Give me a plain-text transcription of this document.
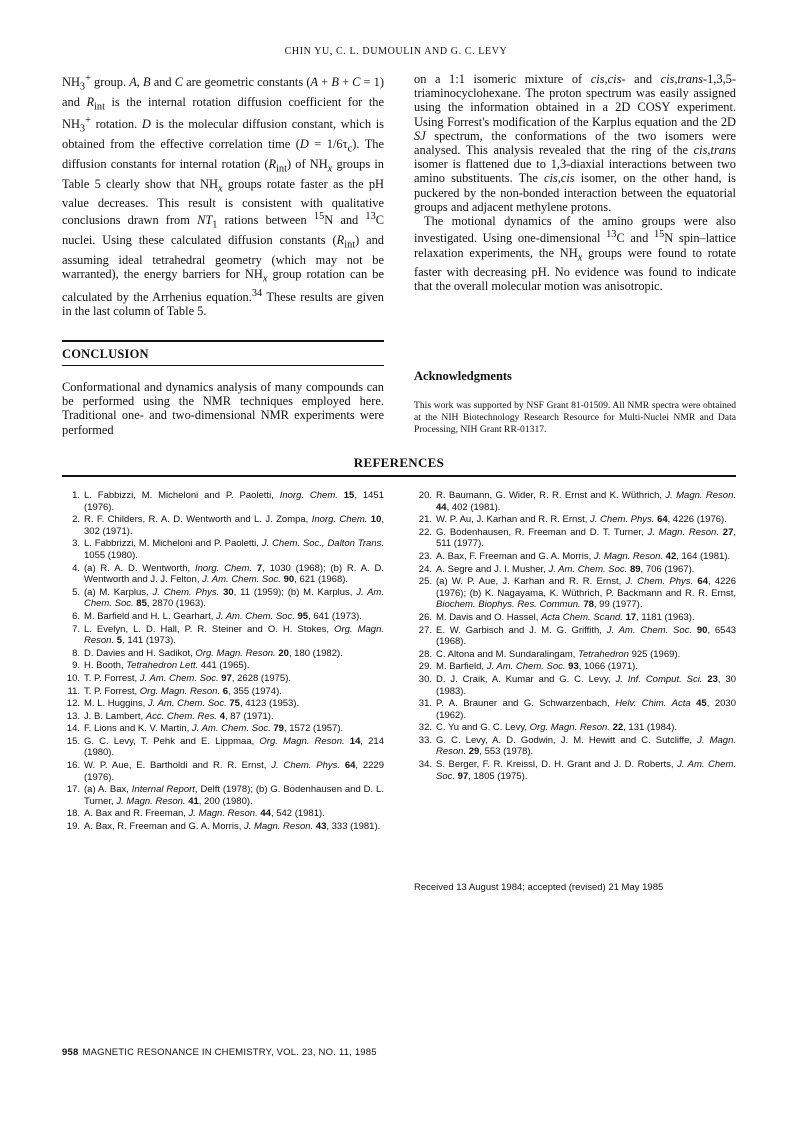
CHIN YU, C. L. DUMOULIN AND G. C. LEVY

$NH_3^+$ group. A, B and C are geometric constants (A + B + C = 1) and $R_{int}$ is the internal rotation diffusion coefficient for the $NH_3^+$ rotation. D is the molecular diffusion constant, which is obtained from the effective correlation time $(D = 1/6\tau_c)$. The diffusion constants for internal rotation $(R_{int})$ of $NH_x$ groups in Table 5 clearly show that $NH_x$ groups rotate faster as the pH value decreases. This result is consistent with qualitative conclusions drawn from $NT_1$ rations between $^{15}$N and $^{13}$C nuclei. Using these calculated diffusion constants $(R_{int})$ and assuming ideal tetrahedral geometry (which may not be warranted), the energy barriers for $NH_x$ group rotation can be calculated by the Arrhenius equation.$^{34}$ These results are given in the last column of Table 5.

on a 1:1 isomeric mixture of cis,cis- and cis,trans-1,3,5-triaminocyclohexane. The proton spectrum was easily assigned using the information obtained in a 2D COSY experiment. Using Forrest's modification of the Karplus equation and the 2D SJ spectrum, the conformations of the two isomers were analysed. This analysis revealed that the ring of the cis,trans isomer is flattened due to 1,3-diaxial interactions between two amino substituents. The cis,cis isomer, on the other hand, is puckered by the non-bonded interaction between the equatorial groups and adjacent methylene protons.

The motional dynamics of the amino groups were also investigated. Using one-dimensional $^{13}$C and $^{15}$N spin–lattice relaxation experiments, the $NH_x$ groups were found to rotate faster with decreasing pH. No evidence was found to indicate that the overall molecular motion was anisotropic.

CONCLUSION
Conformational and dynamics analysis of many compounds can be performed using the NMR techniques employed here. Traditional one- and two-dimensional NMR experiments were performed
Acknowledgments
This work was supported by NSF Grant 81-01509. All NMR spectra were obtained at the NIH Biotechnology Research Resource for Multi-Nuclei NMR and Data Processing, NIH Grant RR-01317.
REFERENCES
1. L. Fabbizzi, M. Micheloni and P. Paoletti, Inorg. Chem. 15, 1451 (1976).
2. R. F. Childers, R. A. D. Wentworth and L. J. Zompa, Inorg. Chem. 10, 302 (1971).
3. L. Fabbrizzi, M. Micheloni and P. Paoletti, J. Chem. Soc., Dalton Trans. 1055 (1980).
4. (a) R. A. D. Wentworth, Inorg. Chem. 7, 1030 (1968); (b) R. A. D. Wentworth and J. J. Felton, J. Am. Chem. Soc. 90, 621 (1968).
5. (a) M. Karplus, J. Chem. Phys. 30, 11 (1959); (b) M. Karplus, J. Am. Chem. Soc. 85, 2870 (1963).
6. M. Barfield and H. L. Gearhart, J. Am. Chem. Soc. 95, 641 (1973).
7. L. Evelyn, L. D. Hall, P. R. Steiner and O. H. Stokes, Org. Magn. Reson. 5, 141 (1973).
8. D. Davies and H. Sadikot, Org. Magn. Reson. 20, 180 (1982).
9. H. Booth, Tetrahedron Lett. 441 (1965).
10. T. P. Forrest, J. Am. Chem. Soc. 97, 2628 (1975).
11. T. P. Forrest, Org. Magn. Reson. 6, 355 (1974).
12. M. L. Huggins, J. Am. Chem. Soc. 75, 4123 (1953).
13. J. B. Lambert, Acc. Chem. Res. 4, 87 (1971).
14. F. Lions and K. V. Martin, J. Am. Chem. Soc. 79, 1572 (1957).
15. G. C. Levy, T. Pehk and E. Lippmaa, Org. Magn. Reson. 14, 214 (1980).
16. W. P. Aue, E. Bartholdi and R. R. Ernst, J. Chem. Phys. 64, 2229 (1976).
17. (a) A. Bax, Internal Report, Delft (1978); (b) G. Bodenhausen and D. L. Turner, J. Magn. Reson. 41, 200 (1980).
18. A. Bax and R. Freeman, J. Magn. Reson. 44, 542 (1981).
19. A. Bax, R. Freeman and G. A. Morris, J. Magn. Reson. 43, 333 (1981).
20. R. Baumann, G. Wider, R. R. Ernst and K. Wüthrich, J. Magn. Reson. 44, 402 (1981).
21. W. P. Au, J. Karhan and R. R. Ernst, J. Chem. Phys. 64, 4226 (1976).
22. G. Bodenhausen, R. Freeman and D. T. Turner, J. Magn. Reson. 27, 511 (1977).
23. A. Bax, F. Freeman and G. A. Morris, J. Magn. Reson. 42, 164 (1981).
24. A. Segre and J. I. Musher, J. Am. Chem. Soc. 89, 706 (1967).
25. (a) W. P. Aue, J. Karhan and R. R. Ernst, J. Chem. Phys. 64, 4226 (1976); (b) K. Nagayama, K. Wüthrich, P. Backmann and R. R. Ernst, Biochem. Biophys. Res. Commun. 78, 99 (1977).
26. M. Davis and O. Hassel, Acta Chem. Scand. 17, 1181 (1963).
27. E. W. Garbisch and J. M. G. Griffith, J. Am. Chem. Soc. 90, 6543 (1968).
28. C. Altona and M. Sundaralingam, Tetrahedron 925 (1969).
29. M. Barfield, J. Am. Chem. Soc. 93, 1066 (1971).
30. D. J. Craik, A. Kumar and G. C. Levy, J. Inf. Comput. Sci. 23, 30 (1983).
31. P. A. Brauner and G. Schwarzenbach, Helv. Chim. Acta 45, 2030 (1962).
32. C. Yu and G. C. Levy, Org. Magn. Reson. 22, 131 (1984).
33. G. C. Levy, A. D. Godwin, J. M. Hewitt and C. Sutcliffe, J. Magn. Reson. 29, 553 (1978).
34. S. Berger, F. R. Kreissl, D. H. Grant and J. D. Roberts, J. Am. Chem. Soc. 97, 1805 (1975).
Received 13 August 1984; accepted (revised) 21 May 1985
958 MAGNETIC RESONANCE IN CHEMISTRY, VOL. 23, NO. 11, 1985
